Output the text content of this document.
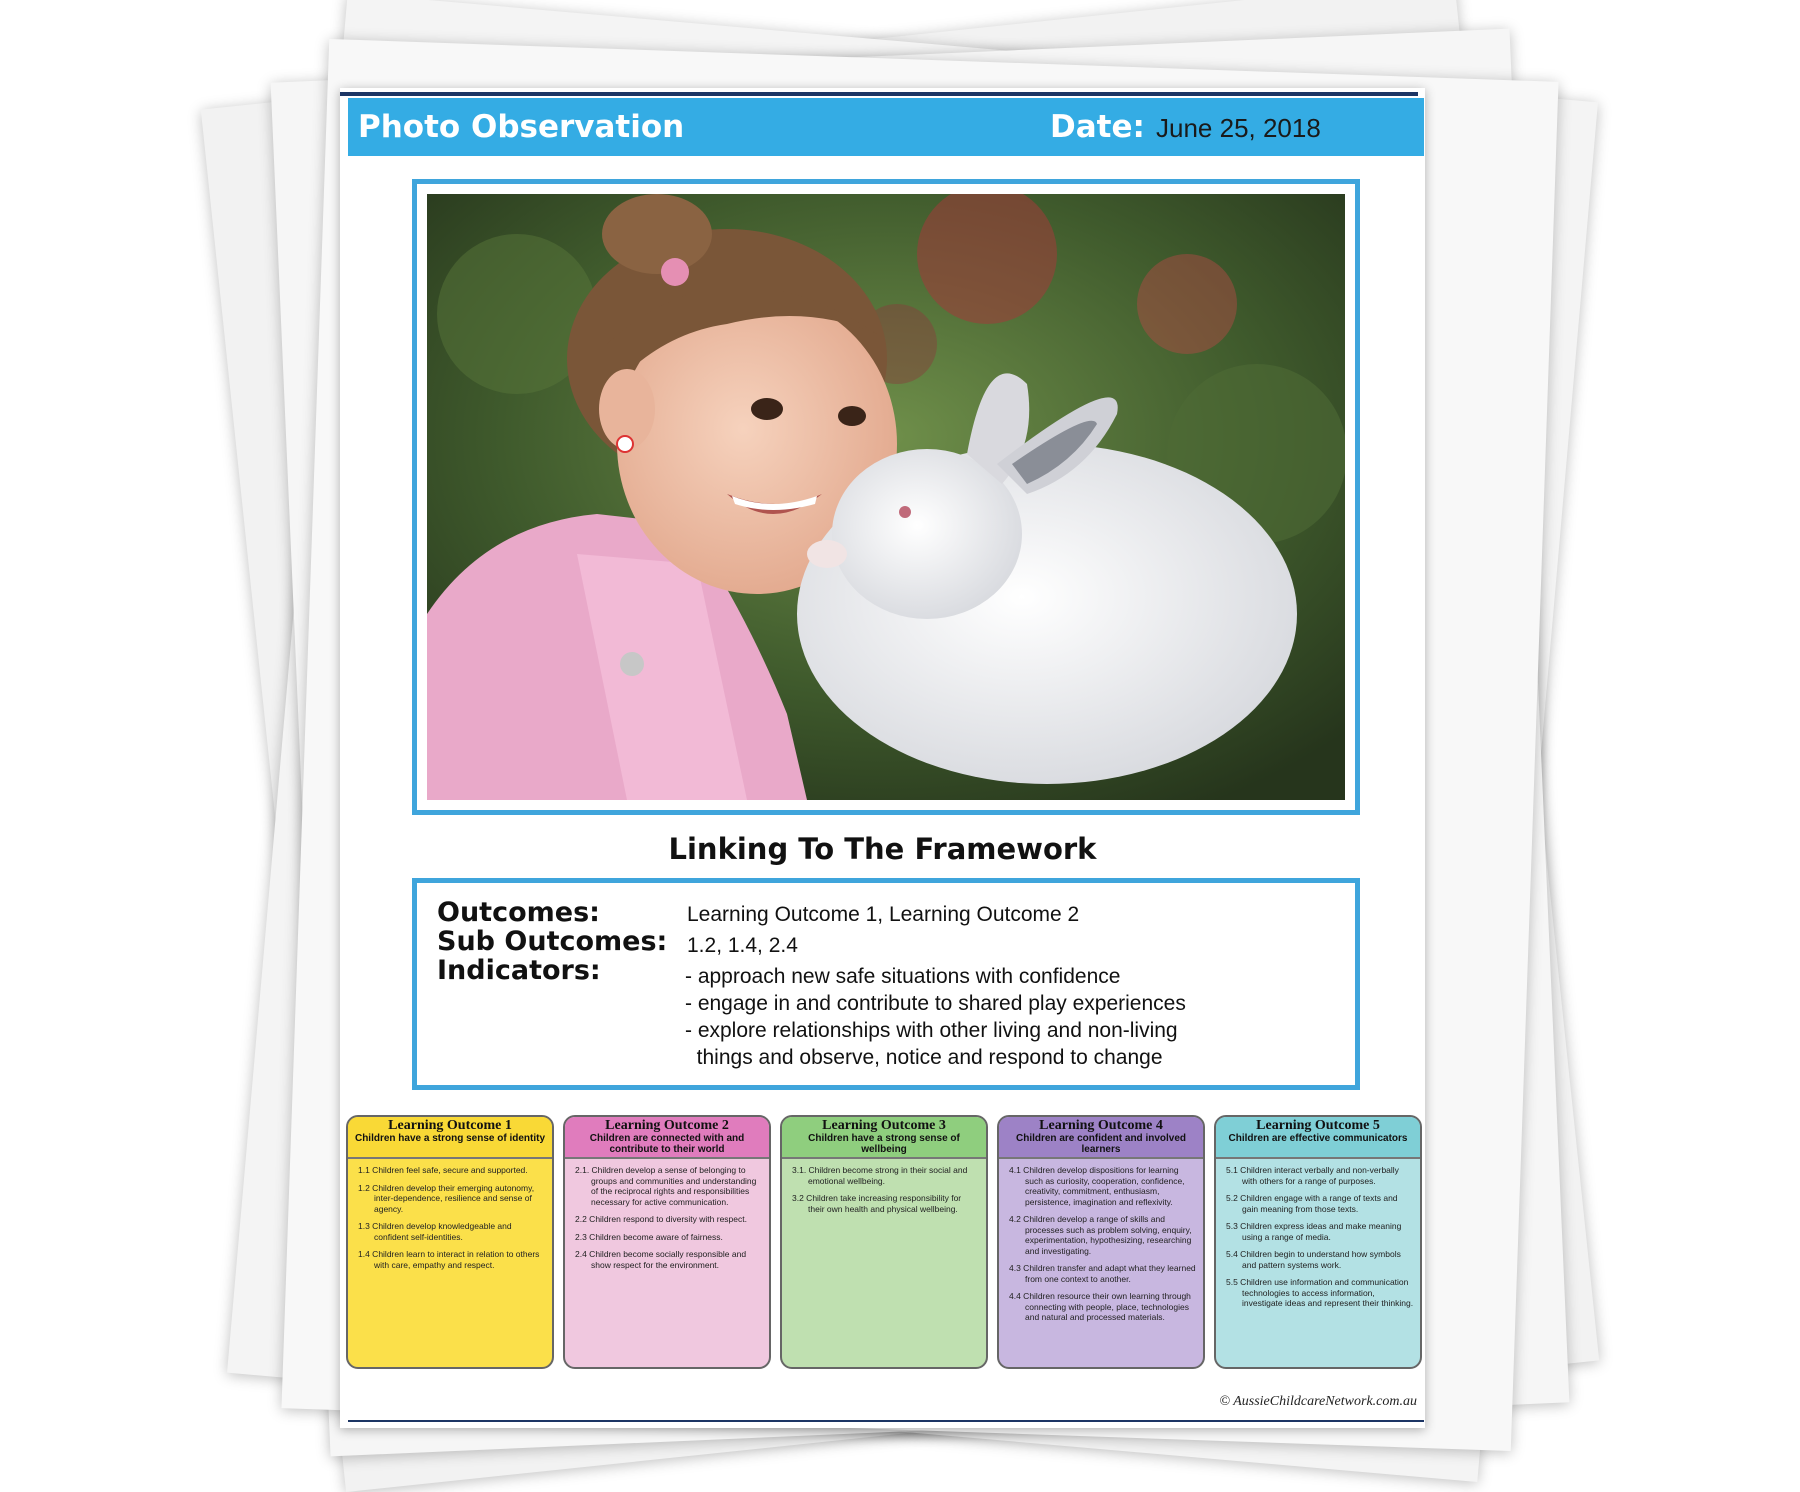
Photo Observation	Date: June 25, 2018
Linking To The Framework
Outcomes:	Learning Outcome 1, Learning Outcome 2
Sub Outcomes: 1.2, 1.4, 2.4
Indicators:	- approach new safe situations with confidence
- engage in and contribute to shared play experiences
- explore relationships with other living and non-living
things and observe, notice and respond to change
Learning Outcome 1
Children have a strong sense of identity
1.1 Children feel safe, secure and supported.
1.2 Children develop their emerging autonomy, inter-dependence, resilience and sense of agency.
1.3 Children develop knowledgeable and confident self-identities.
1.4 Children learn to interact in relation to others with care, empathy and respect.
Learning Outcome 2
Children are connected with and contribute to their world
2.1. Children develop a sense of belonging to groups and communities and understanding of the reciprocal rights and responsibilities necessary for active communication.
2.2 Children respond to diversity with respect.
2.3 Children become aware of fairness.
2.4 Children become socially responsible and show respect for the environment.
Learning Outcome 3
Children have a strong sense of wellbeing
3.1. Children become strong in their social and emotional wellbeing.
3.2 Children take increasing responsibility for their own health and physical wellbeing.
Learning Outcome 4
Children are confident and involved learners
4.1 Children develop dispositions for learning such as curiosity, cooperation, confidence, creativity, commitment, enthusiasm, persistence, imagination and reflexivity.
4.2 Children develop a range of skills and processes such as problem solving, enquiry, experimentation, hypothesizing, researching and investigating.
4.3 Children transfer and adapt what they learned from one context to another.
4.4 Children resource their own learning through connecting with people, place, technologies and natural and processed materials.
Learning Outcome 5
Children are effective communicators
5.1 Children interact verbally and non-verbally with others for a range of purposes.
5.2 Children engage with a range of texts and gain meaning from those texts.
5.3 Children express ideas and make meaning using a range of media.
5.4 Children begin to understand how symbols and pattern systems work.
5.5 Children use information and communication technologies to access information, investigate ideas and represent their thinking.
© AussieChildcareNetwork.com.au
